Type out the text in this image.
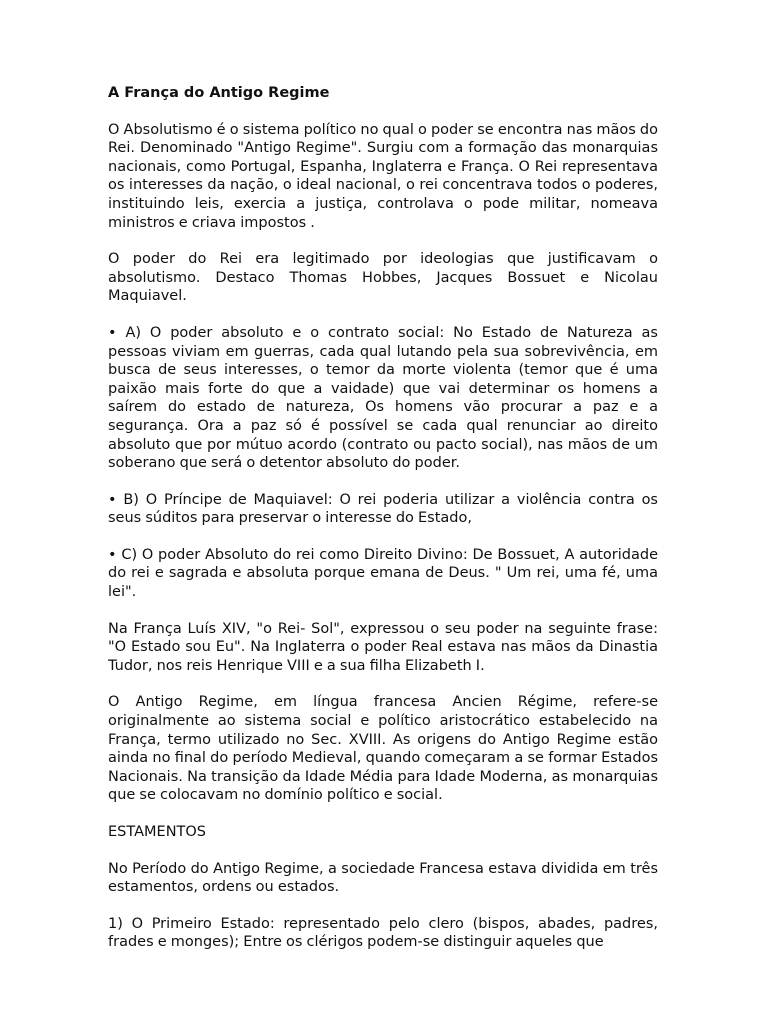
A França do Antigo Regime

O Absolutismo é o sistema político no qual o poder se encontra nas mãos do Rei. Denominado "Antigo Regime". Surgiu com a formação das monarquias nacionais, como Portugal, Espanha, Inglaterra e França. O Rei representava os interesses da nação, o ideal nacional, o rei concentrava todos o poderes, instituindo leis, exercia a justiça, controlava o pode militar, nomeava ministros e criava impostos .

O poder do Rei era legitimado por ideologias que justificavam o absolutismo. Destaco Thomas Hobbes, Jacques Bossuet e Nicolau Maquiavel.

• A) O poder absoluto e o contrato social: No Estado de Natureza as pessoas viviam em guerras, cada qual lutando pela sua sobrevivência, em busca de seus interesses, o temor da morte violenta (temor que é uma paixão mais forte do que a vaidade) que vai determinar os homens a saírem do estado de natureza, Os homens vão procurar a paz e a segurança. Ora a paz só é possível se cada qual renunciar ao direito absoluto que por mútuo acordo (contrato ou pacto social), nas mãos de um soberano que será o detentor absoluto do poder.

• B) O Príncipe de Maquiavel: O rei poderia utilizar a violência contra os seus súditos para preservar o interesse do Estado,

• C) O poder Absoluto do rei como Direito Divino: De Bossuet, A autoridade do rei e sagrada e absoluta porque emana de Deus. " Um rei, uma fé, uma lei".

Na França Luís XIV, "o Rei- Sol", expressou o seu poder na seguinte frase: "O Estado sou Eu". Na Inglaterra o poder Real estava nas mãos da Dinastia Tudor, nos reis Henrique VIII e a sua filha Elizabeth I.

O Antigo Regime, em língua francesa Ancien Régime, refere-se originalmente ao sistema social e político aristocrático estabelecido na França, termo utilizado no Sec. XVIII. As origens do Antigo Regime estão ainda no final do período Medieval, quando começaram a se formar Estados Nacionais. Na transição da Idade Média para Idade Moderna, as monarquias que se colocavam no domínio político e social.

ESTAMENTOS

No Período do Antigo Regime, a sociedade Francesa estava dividida em três estamentos, ordens ou estados.

1) O Primeiro Estado: representado pelo clero (bispos, abades, padres, frades e monges); Entre os clérigos podem-se distinguir aqueles que
